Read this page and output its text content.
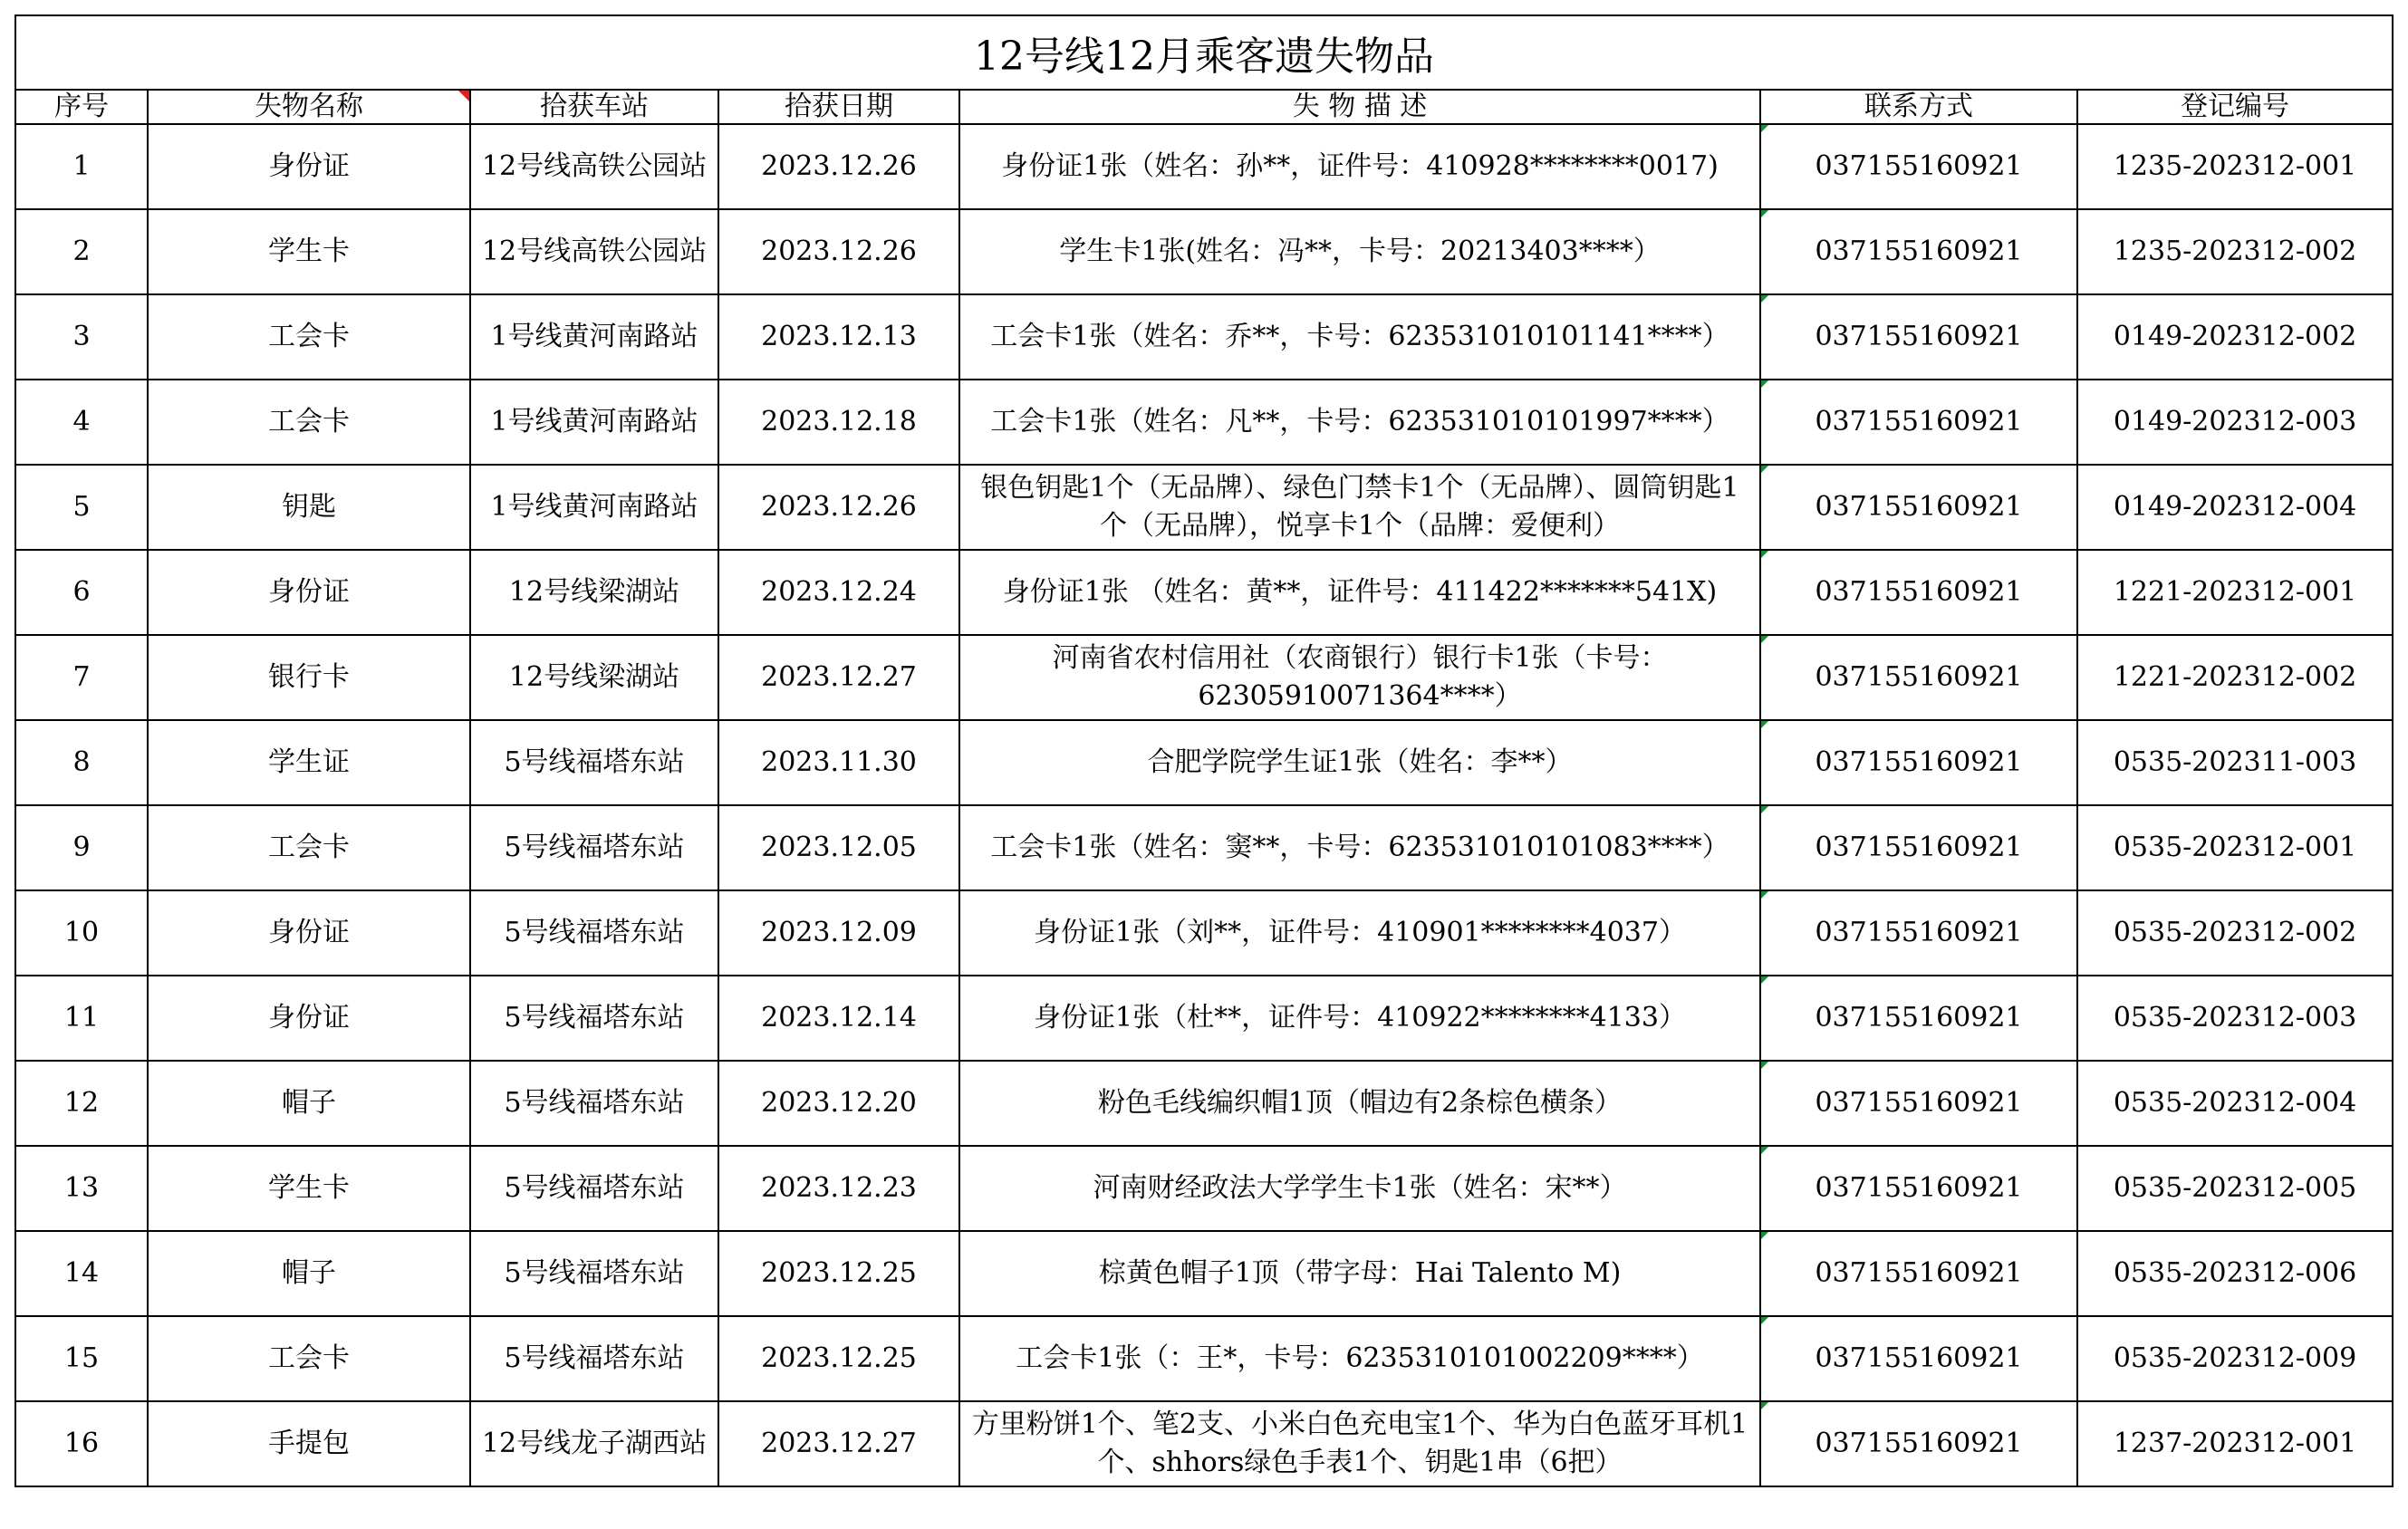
12号线12月乘客遗失物品						
序号	失物名称	拾获车站	拾获日期	失 物 描 述	联系方式	登记编号
1	身份证	12号线高铁公园站	2023.12.26	身份证1张（姓名：孙**，证件号：410928********0017)	037155160921	1235-202312-001
2	学生卡	12号线高铁公园站	2023.12.26	学生卡1张(姓名：冯**，卡号：20213403****）	037155160921	1235-202312-002
3	工会卡	1号线黄河南路站	2023.12.13	工会卡1张（姓名：乔**，卡号：623531010101141****）	037155160921	0149-202312-002
4	工会卡	1号线黄河南路站	2023.12.18	工会卡1张（姓名：凡**，卡号：623531010101997****）	037155160921	0149-202312-003
5	钥匙	1号线黄河南路站	2023.12.26	银色钥匙1个（无品牌）、绿色门禁卡1个（无品牌）、圆筒钥匙1个（无品牌），悦享卡1个（品牌：爱便利）	037155160921	0149-202312-004
6	身份证	12号线梁湖站	2023.12.24	身份证1张 （姓名：黄**，证件号：411422*******541X)	037155160921	1221-202312-001
7	银行卡	12号线梁湖站	2023.12.27	河南省农村信用社（农商银行）银行卡1张（卡号：62305910071364****）	037155160921	1221-202312-002
8	学生证	5号线福塔东站	2023.11.30	合肥学院学生证1张（姓名：李**）	037155160921	0535-202311-003
9	工会卡	5号线福塔东站	2023.12.05	工会卡1张（姓名：窦**，卡号：623531010101083****）	037155160921	0535-202312-001
10	身份证	5号线福塔东站	2023.12.09	身份证1张（刘**，证件号：410901********4037）	037155160921	0535-202312-002
11	身份证	5号线福塔东站	2023.12.14	身份证1张（杜**，证件号：410922********4133）	037155160921	0535-202312-003
12	帽子	5号线福塔东站	2023.12.20	粉色毛线编织帽1顶（帽边有2条棕色横条）	037155160921	0535-202312-004
13	学生卡	5号线福塔东站	2023.12.23	河南财经政法大学学生卡1张（姓名：宋**）	037155160921	0535-202312-005
14	帽子	5号线福塔东站	2023.12.25	棕黄色帽子1顶（带字母：Hai Talento M)	037155160921	0535-202312-006
15	工会卡	5号线福塔东站	2023.12.25	工会卡1张（：王*，卡号：6235310101002209****）	037155160921	0535-202312-009
16	手提包	12号线龙子湖西站	2023.12.27	方里粉饼1个、笔2支、小米白色充电宝1个、华为白色蓝牙耳机1个、shhors绿色手表1个、钥匙1串（6把）	037155160921	1237-202312-001
